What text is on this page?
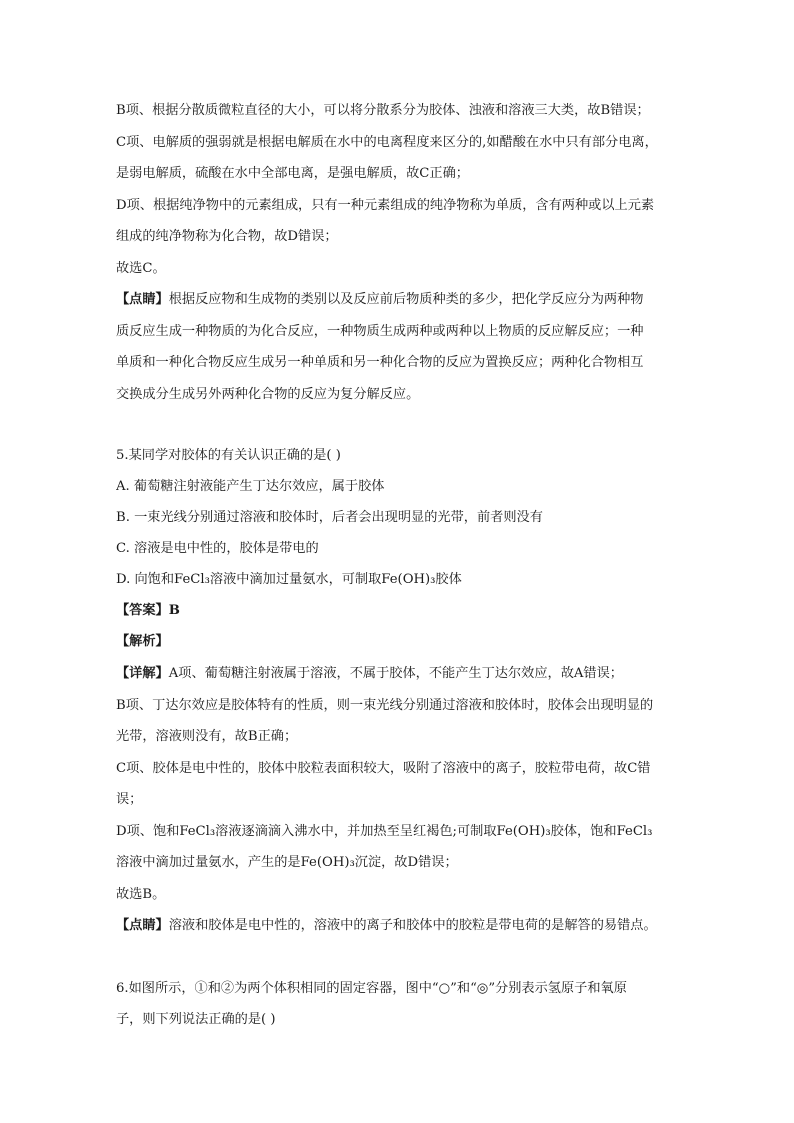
B项、根据分散质微粒直径的大小，可以将分散系分为胶体、浊液和溶液三大类，故B错误；
C项、电解质的强弱就是根据电解质在水中的电离程度来区分的,如醋酸在水中只有部分电离，
是弱电解质，硫酸在水中全部电离，是强电解质，故C正确；
D项、根据纯净物中的元素组成，只有一种元素组成的纯净物称为单质，含有两种或以上元素
组成的纯净物称为化合物，故D错误；
故选C。
【点睛】根据反应物和生成物的类别以及反应前后物质种类的多少，把化学反应分为两种物
质反应生成一种物质的为化合反应，一种物质生成两种或两种以上物质的反应解反应；一种
单质和一种化合物反应生成另一种单质和另一种化合物的反应为置换反应；两种化合物相互
交换成分生成另外两种化合物的反应为复分解反应。
5.某同学对胶体的有关认识正确的是( )
A. 葡萄糖注射液能产生丁达尔效应，属于胶体
B. 一束光线分别通过溶液和胶体时，后者会出现明显的光带，前者则没有
C. 溶液是电中性的，胶体是带电的
D. 向饱和FeCl₃溶液中滴加过量氨水，可制取Fe(OH)₃胶体
【答案】B
【解析】
【详解】A项、葡萄糖注射液属于溶液，不属于胶体，不能产生丁达尔效应，故A错误；
B项、丁达尔效应是胶体特有的性质，则一束光线分别通过溶液和胶体时，胶体会出现明显的
光带，溶液则没有，故B正确；
C项、胶体是电中性的，胶体中胶粒表面积较大，吸附了溶液中的离子，胶粒带电荷，故C错
误；
D项、饱和FeCl₃溶液逐滴滴入沸水中，并加热至呈红褐色;可制取Fe(OH)₃胶体，饱和FeCl₃
溶液中滴加过量氨水，产生的是Fe(OH)₃沉淀，故D错误；
故选B。
【点睛】溶液和胶体是电中性的，溶液中的离子和胶体中的胶粒是带电荷的是解答的易错点。
6.如图所示，①和②为两个体积相同的固定容器，图中“○”和“◎”分别表示氢原子和氧原
子，则下列说法正确的是( )
